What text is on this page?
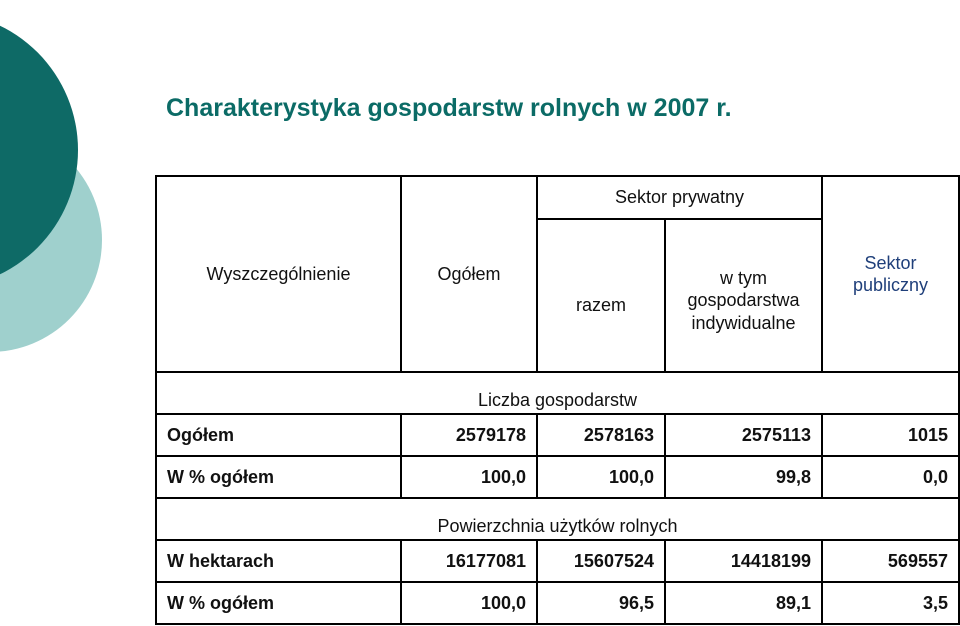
Charakterystyka gospodarstw rolnych w 2007 r.
Wyszczególnienie	Ogółem	Sektor prywatny		Sektor publiczny
		razem	w tym gospodarstwa indywidualne	
Liczba gospodarstw				
Ogółem	2579178	2578163	2575113	1015
W % ogółem	100,0	100,0	99,8	0,0
Powierzchnia użytków rolnych				
W hektarach	16177081	15607524	14418199	569557
W % ogółem	100,0	96,5	89,1	3,5
